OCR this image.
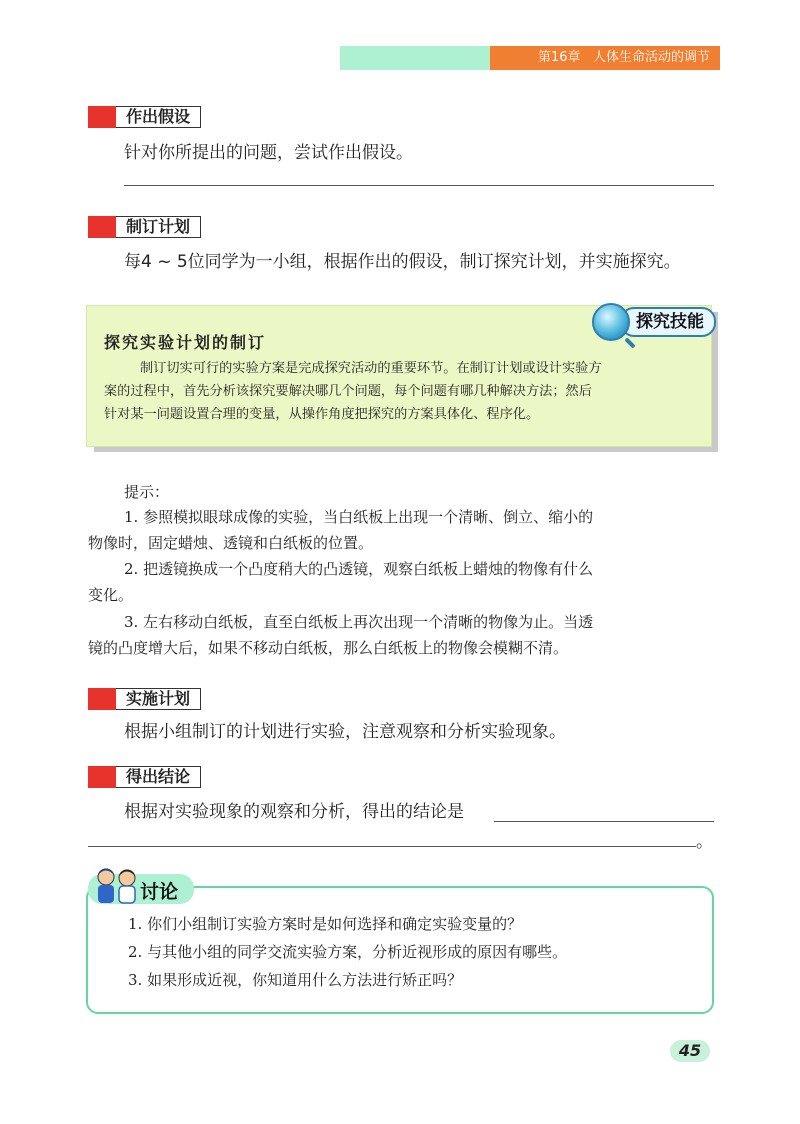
第16章 人体生命活动的调节
作出假设
针对你所提出的问题，尝试作出假设。
制订计划
每4 ~ 5位同学为一小组，根据作出的假设，制订探究计划，并实施探究。
探究技能
探究实验计划的制订
制订切实可行的实验方案是完成探究活动的重要环节。在制订计划或设计实验方
案的过程中，首先分析该探究要解决哪几个问题，每个问题有哪几种解决方法；然后
针对某一问题设置合理的变量，从操作角度把探究的方案具体化、程序化。
提示：
1. 参照模拟眼球成像的实验，当白纸板上出现一个清晰、倒立、缩小的
物像时，固定蜡烛、透镜和白纸板的位置。
2. 把透镜换成一个凸度稍大的凸透镜，观察白纸板上蜡烛的物像有什么
变化。
3. 左右移动白纸板，直至白纸板上再次出现一个清晰的物像为止。当透
镜的凸度增大后，如果不移动白纸板，那么白纸板上的物像会模糊不清。
实施计划
根据小组制订的计划进行实验，注意观察和分析实验现象。
得出结论
根据对实验现象的观察和分析，得出的结论是
。
讨论
1. 你们小组制订实验方案时是如何选择和确定实验变量的？
2. 与其他小组的同学交流实验方案，分析近视形成的原因有哪些。
3. 如果形成近视，你知道用什么方法进行矫正吗？
45
